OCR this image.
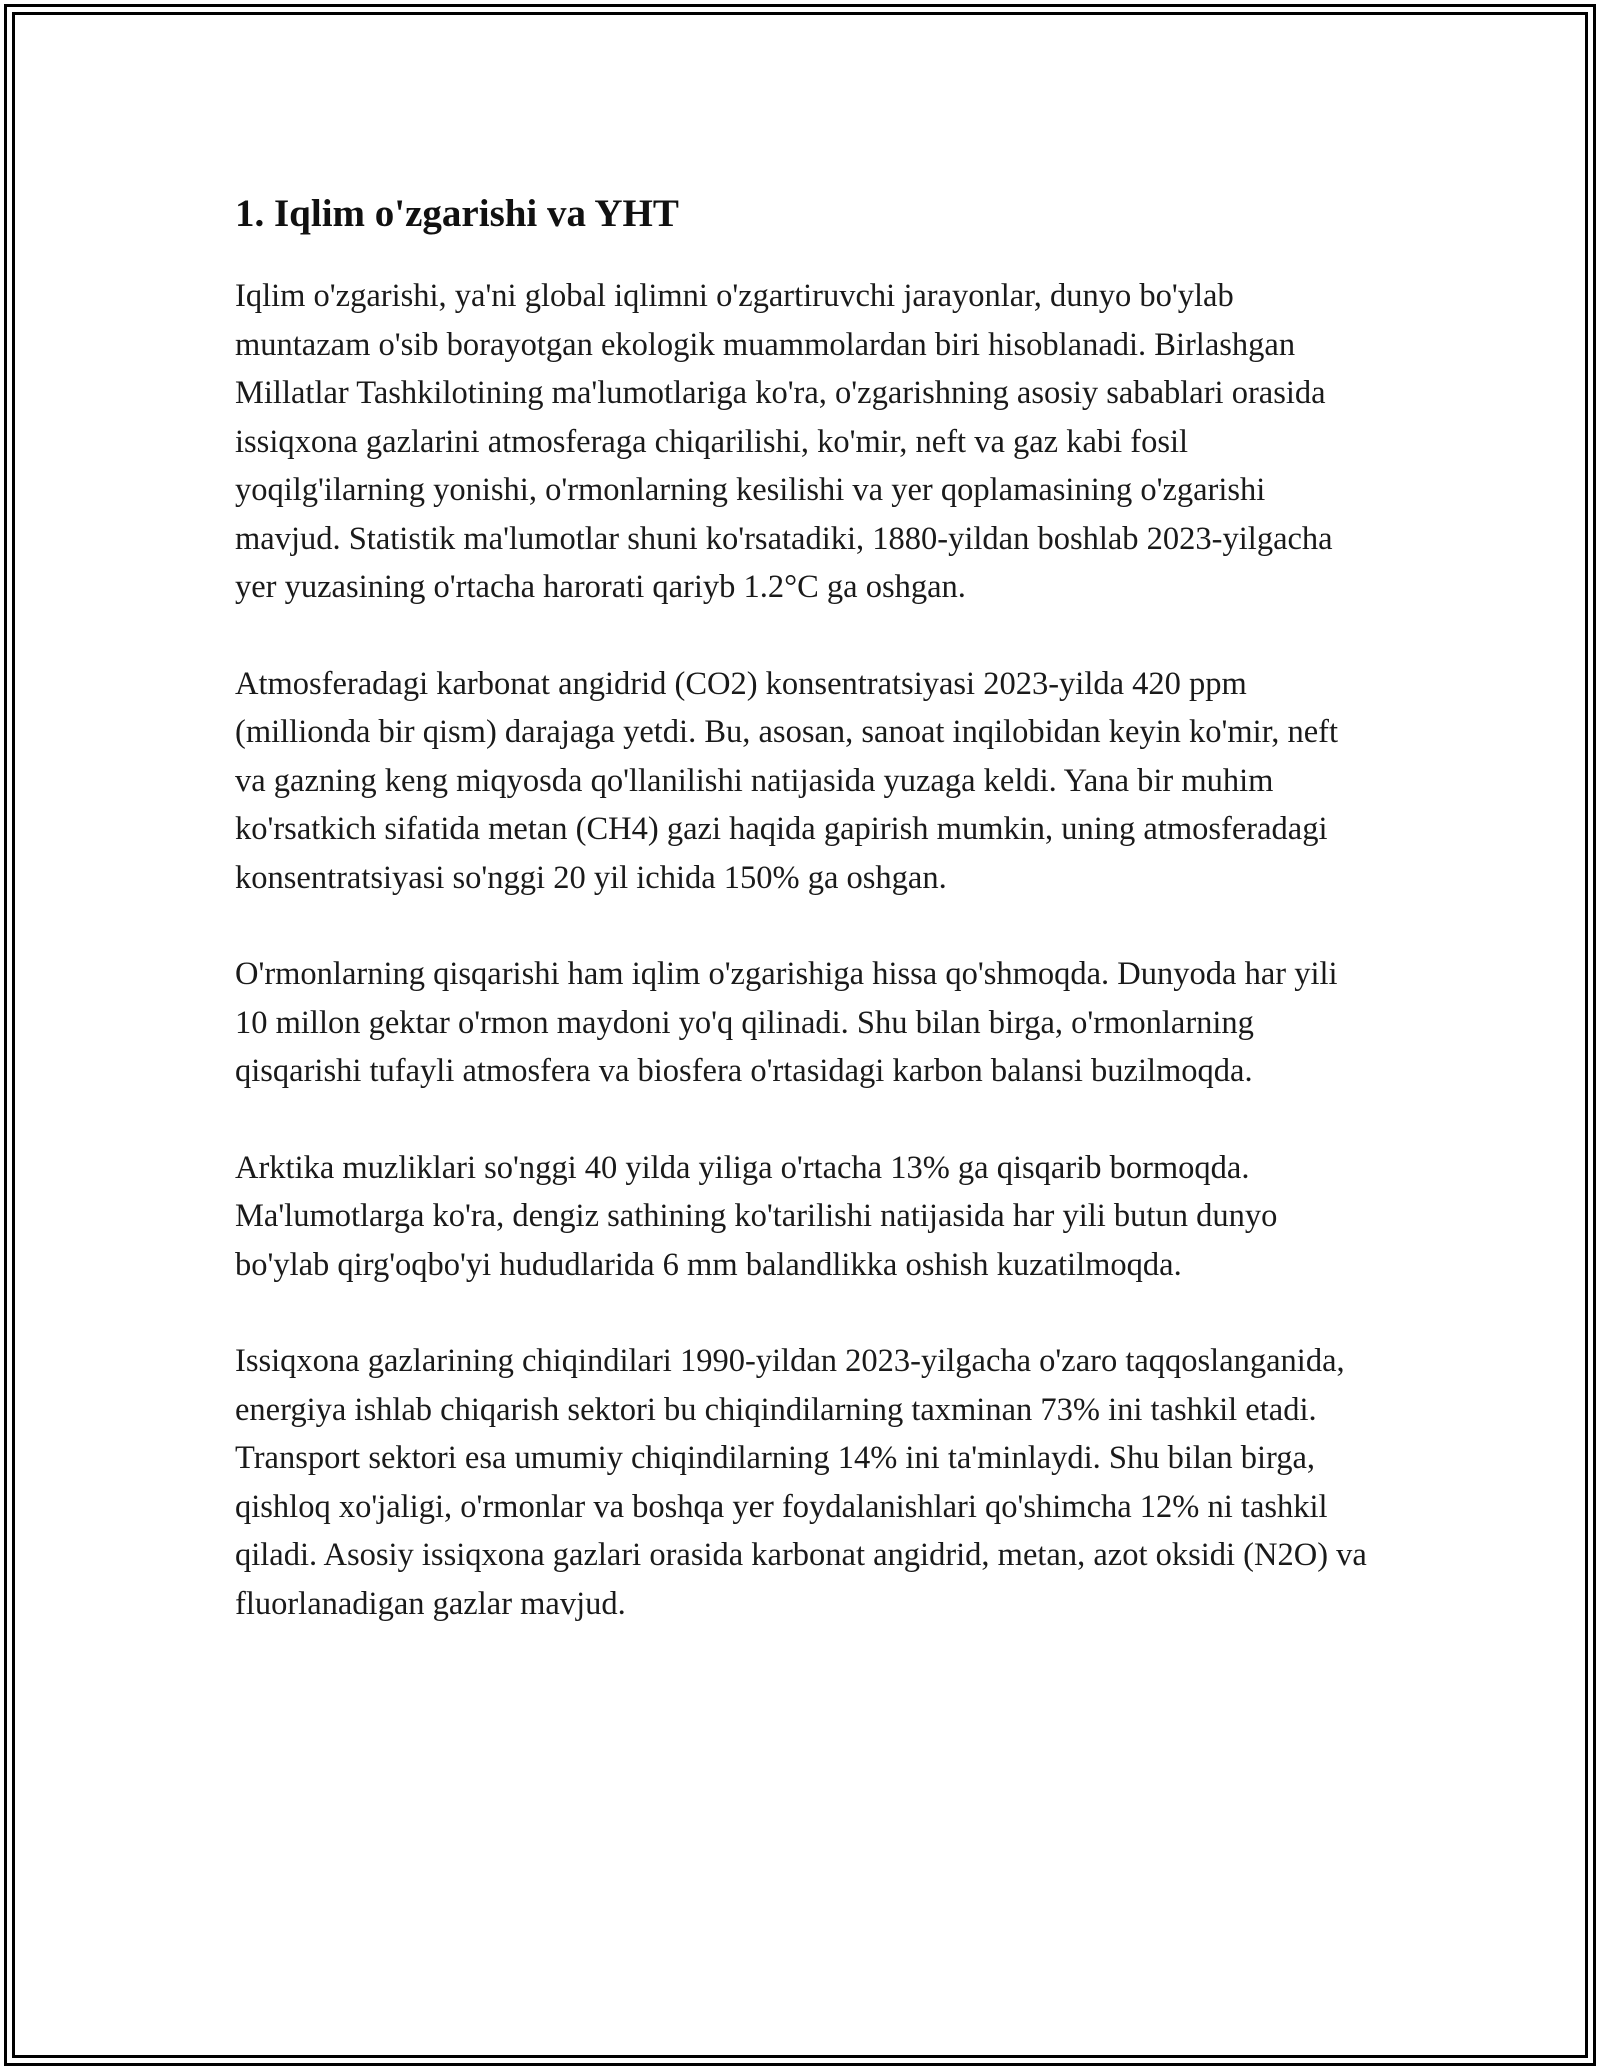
1. Iqlim o'zgarishi va YHT

Iqlim o'zgarishi, ya'ni global iqlimni o'zgartiruvchi jarayonlar, dunyo bo'ylab muntazam o'sib borayotgan ekologik muammolardan biri hisoblanadi. Birlashgan Millatlar Tashkilotining ma'lumotlariga ko'ra, o'zgarishning asosiy sabablari orasida issiqxona gazlarini atmosferaga chiqarilishi, ko'mir, neft va gaz kabi fosil yoqilg'ilarning yonishi, o'rmonlarning kesilishi va yer qoplamasining o'zgarishi mavjud. Statistik ma'lumotlar shuni ko'rsatadiki, 1880-yildan boshlab 2023-yilgacha yer yuzasining o'rtacha harorati qariyb 1.2°C ga oshgan.

Atmosferadagi karbonat angidrid (CO2) konsentratsiyasi 2023-yilda 420 ppm (millionda bir qism) darajaga yetdi. Bu, asosan, sanoat inqilobidan keyin ko'mir, neft va gazning keng miqyosda qo'llanilishi natijasida yuzaga keldi. Yana bir muhim ko'rsatkich sifatida metan (CH4) gazi haqida gapirish mumkin, uning atmosferadagi konsentratsiyasi so'nggi 20 yil ichida 150% ga oshgan.

O'rmonlarning qisqarishi ham iqlim o'zgarishiga hissa qo'shmoqda. Dunyoda har yili 10 millon gektar o'rmon maydoni yo'q qilinadi. Shu bilan birga, o'rmonlarning qisqarishi tufayli atmosfera va biosfera o'rtasidagi karbon balansi buzilmoqda.

Arktika muzliklari so'nggi 40 yilda yiliga o'rtacha 13% ga qisqarib bormoqda. Ma'lumotlarga ko'ra, dengiz sathining ko'tarilishi natijasida har yili butun dunyo bo'ylab qirg'oqbo'yi hududlarida 6 mm balandlikka oshish kuzatilmoqda.

Issiqxona gazlarining chiqindilari 1990-yildan 2023-yilgacha o'zaro taqqoslanganida, energiya ishlab chiqarish sektori bu chiqindilarning taxminan 73% ini tashkil etadi. Transport sektori esa umumiy chiqindilarning 14% ini ta'minlaydi. Shu bilan birga, qishloq xo'jaligi, o'rmonlar va boshqa yer foydalanishlari qo'shimcha 12% ni tashkil qiladi. Asosiy issiqxona gazlari orasida karbonat angidrid, metan, azot oksidi (N2O) va fluorlanadigan gazlar mavjud.
